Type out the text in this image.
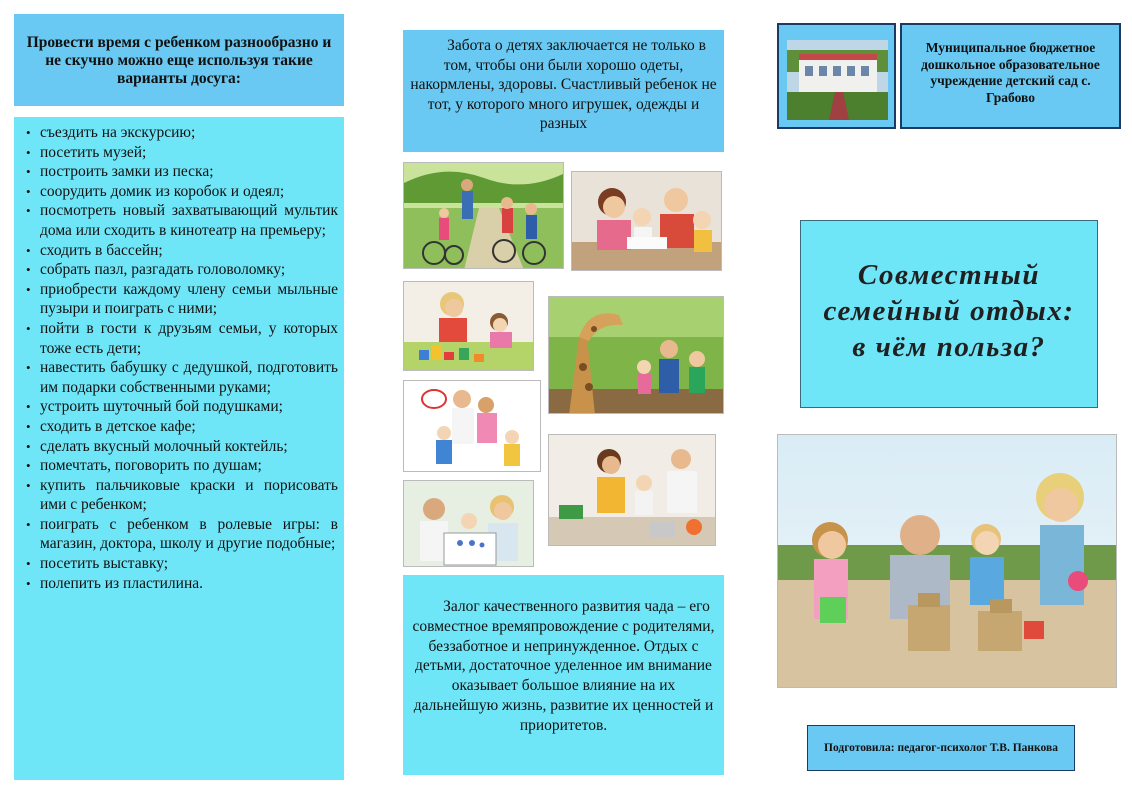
Провести время с ребенком разнообразно и не скучно можно еще используя такие варианты досуга:
• съездить на экскурсию;
• посетить музей;
• построить замки из песка;
• соорудить домик из коробок и одеял;
• посмотреть новый захватывающий мультик дома или сходить в кинотеатр на премьеру;
• сходить в бассейн;
• собрать пазл, разгадать головоломку;
• приобрести каждому члену семьи мыльные пузыри и поиграть с ними;
• пойти в гости к друзьям семьи, у которых тоже есть дети;
• навестить бабушку с дедушкой, подготовить им подарки собственными руками;
• устроить шуточный бой подушками;
• сходить в детское кафе;
• сделать вкусный молочный коктейль;
• помечтать, поговорить по душам;
• купить пальчиковые краски и порисовать ими с ребенком;
• поиграть с ребенком в ролевые игры: в магазин, доктора, школу и другие подобные;
• посетить выставку;
• полепить из пластилина.
Забота о детях заключается не только в том, чтобы они были хорошо одеты, накормлены, здоровы. Счастливый ребенок не тот, у которого много игрушек, одежды и разных
Залог качественного развития чада – его совместное времяпровождение с родителями, беззаботное и непринужденное. Отдых с детьми, достаточное уделенное им внимание оказывает большое влияние на их дальнейшую жизнь, развитие их ценностей и приоритетов.
Муниципальное бюджетное дошкольное образовательное учреждение детский сад с. Грабово
Совместный
семейный отдых:
в чём польза?
Подготовила: педагог-психолог Т.В. Панкова
